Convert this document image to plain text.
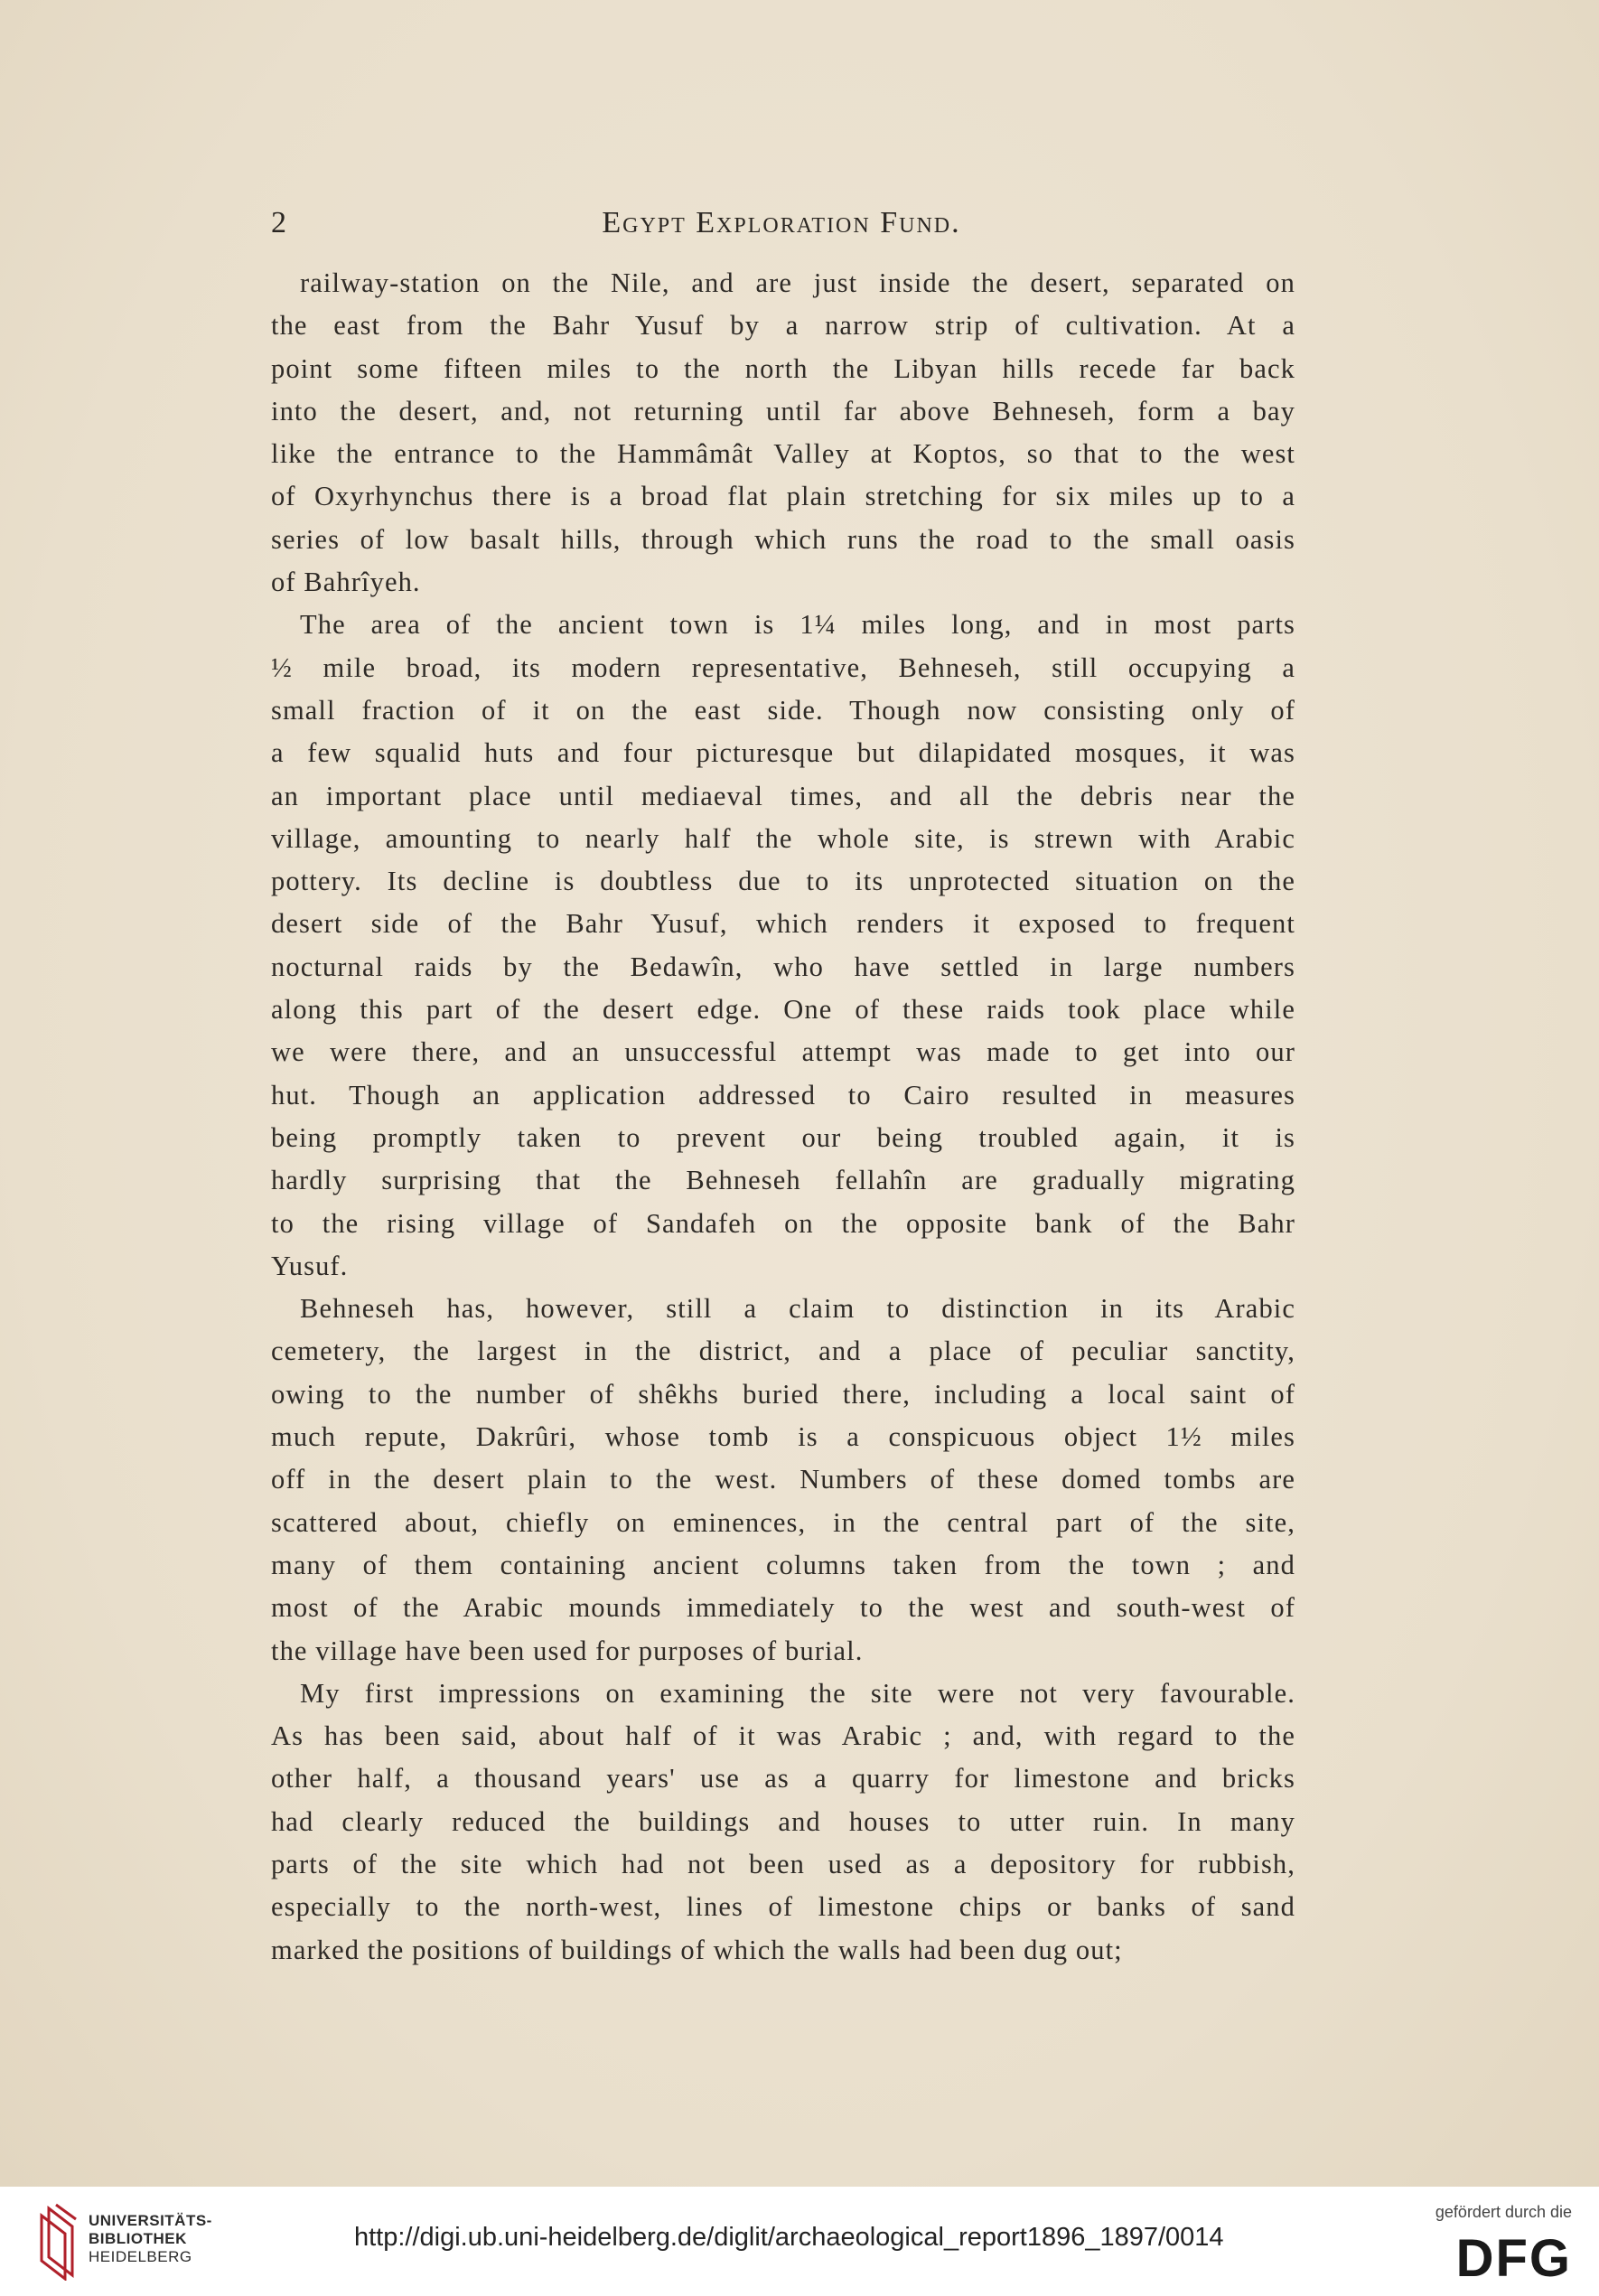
2	Egypt Exploration Fund.
railway-station on the Nile, and are just inside the desert, separated on
the east from the Bahr Yusuf by a narrow strip of cultivation. At a
point some fifteen miles to the north the Libyan hills recede far back
into the desert, and, not returning until far above Behneseh, form a bay
like the entrance to the Hammâmât Valley at Koptos, so that to the west
of Oxyrhynchus there is a broad flat plain stretching for six miles up to a
series of low basalt hills, through which runs the road to the small oasis
of Bahrîyeh.
The area of the ancient town is 1¼ miles long, and in most parts
½ mile broad, its modern representative, Behneseh, still occupying a
small fraction of it on the east side. Though now consisting only of
a few squalid huts and four picturesque but dilapidated mosques, it was
an important place until mediaeval times, and all the debris near the
village, amounting to nearly half the whole site, is strewn with Arabic
pottery. Its decline is doubtless due to its unprotected situation on the
desert side of the Bahr Yusuf, which renders it exposed to frequent
nocturnal raids by the Bedawîn, who have settled in large numbers
along this part of the desert edge. One of these raids took place while
we were there, and an unsuccessful attempt was made to get into our
hut. Though an application addressed to Cairo resulted in measures
being promptly taken to prevent our being troubled again, it is
hardly surprising that the Behneseh fellahîn are gradually migrating
to the rising village of Sandafeh on the opposite bank of the Bahr
Yusuf.
Behneseh has, however, still a claim to distinction in its Arabic
cemetery, the largest in the district, and a place of peculiar sanctity,
owing to the number of shêkhs buried there, including a local saint of
much repute, Dakrûri, whose tomb is a conspicuous object 1½ miles
off in the desert plain to the west. Numbers of these domed tombs are
scattered about, chiefly on eminences, in the central part of the site,
many of them containing ancient columns taken from the town ; and
most of the Arabic mounds immediately to the west and south-west of
the village have been used for purposes of burial.
My first impressions on examining the site were not very favourable.
As has been said, about half of it was Arabic ; and, with regard to the
other half, a thousand years' use as a quarry for limestone and bricks
had clearly reduced the buildings and houses to utter ruin. In many
parts of the site which had not been used as a depository for rubbish,
especially to the north-west, lines of limestone chips or banks of sand
marked the positions of buildings of which the walls had been dug out;
UNIVERSITÄTS-
BIBLIOTHEK
HEIDELBERG
http://digi.ub.uni-heidelberg.de/diglit/archaeological_report1896_1897/0014
gefördert durch die
DFG
